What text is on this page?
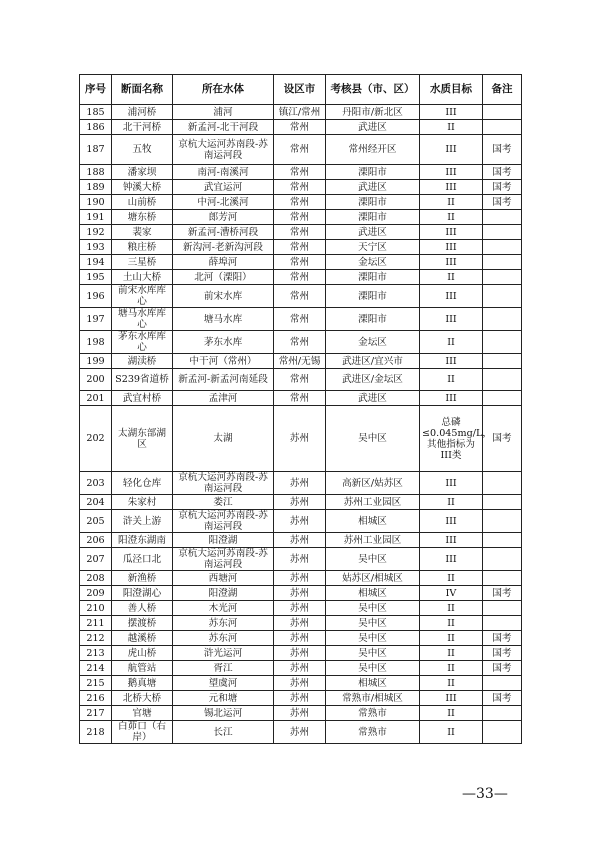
序号	断面名称	所在水体	设区市	考核县（市、区）	水质目标	备注
185	浦河桥	浦河	镇江/常州	丹阳市/新北区	III	
186	北干河桥	新孟河-北干河段	常州	武进区	II	
187	五牧	京杭大运河苏南段-苏南运河段	常州	常州经开区	III	国考
188	潘家坝	南河-南溪河	常州	溧阳市	III	国考
189	钟溪大桥	武宜运河	常州	武进区	III	国考
190	山前桥	中河-北溪河	常州	溧阳市	II	国考
191	塘东桥	郎芳河	常州	溧阳市	II	
192	裴家	新孟河-漕桥河段	常州	武进区	III	
193	粮庄桥	新沟河-老新沟河段	常州	天宁区	III	
194	三星桥	薛埠河	常州	金坛区	III	
195	土山大桥	北河（溧阳）	常州	溧阳市	II	
196	前宋水库库心	前宋水库	常州	溧阳市	III	
197	塘马水库库心	塘马水库	常州	溧阳市	III	
198	茅东水库库心	茅东水库	常州	金坛区	II	
199	湖渎桥	中干河（常州）	常州/无锡	武进区/宜兴市	III	
200	S239省道桥	新孟河-新孟河南延段	常州	武进区/金坛区	II	
201	武宜村桥	孟津河	常州	武进区	III	
202	太湖东部湖区	太湖	苏州	吴中区	总磷≤0.045mg/L，其他指标为III类	国考
203	轻化仓库	京杭大运河苏南段-苏南运河段	苏州	高新区/姑苏区	III	
204	朱家村	娄江	苏州	苏州工业园区	II	
205	浒关上游	京杭大运河苏南段-苏南运河段	苏州	相城区	III	
206	阳澄东湖南	阳澄湖	苏州	苏州工业园区	III	
207	瓜泾口北	京杭大运河苏南段-苏南运河段	苏州	吴中区	III	
208	新渔桥	西塘河	苏州	姑苏区/相城区	II	
209	阳澄湖心	阳澄湖	苏州	相城区	IV	国考
210	善人桥	木光河	苏州	吴中区	II	
211	摆渡桥	苏东河	苏州	吴中区	II	
212	越溪桥	苏东河	苏州	吴中区	II	国考
213	虎山桥	浒光运河	苏州	吴中区	II	国考
214	航管站	胥江	苏州	吴中区	II	国考
215	鹅真塘	望虞河	苏州	相城区	II	
216	北桥大桥	元和塘	苏州	常熟市/相城区	III	国考
217	官塘	锡北运河	苏州	常熟市	II	
218	白茆口（右岸）	长江	苏州	常熟市	II	
—33—
